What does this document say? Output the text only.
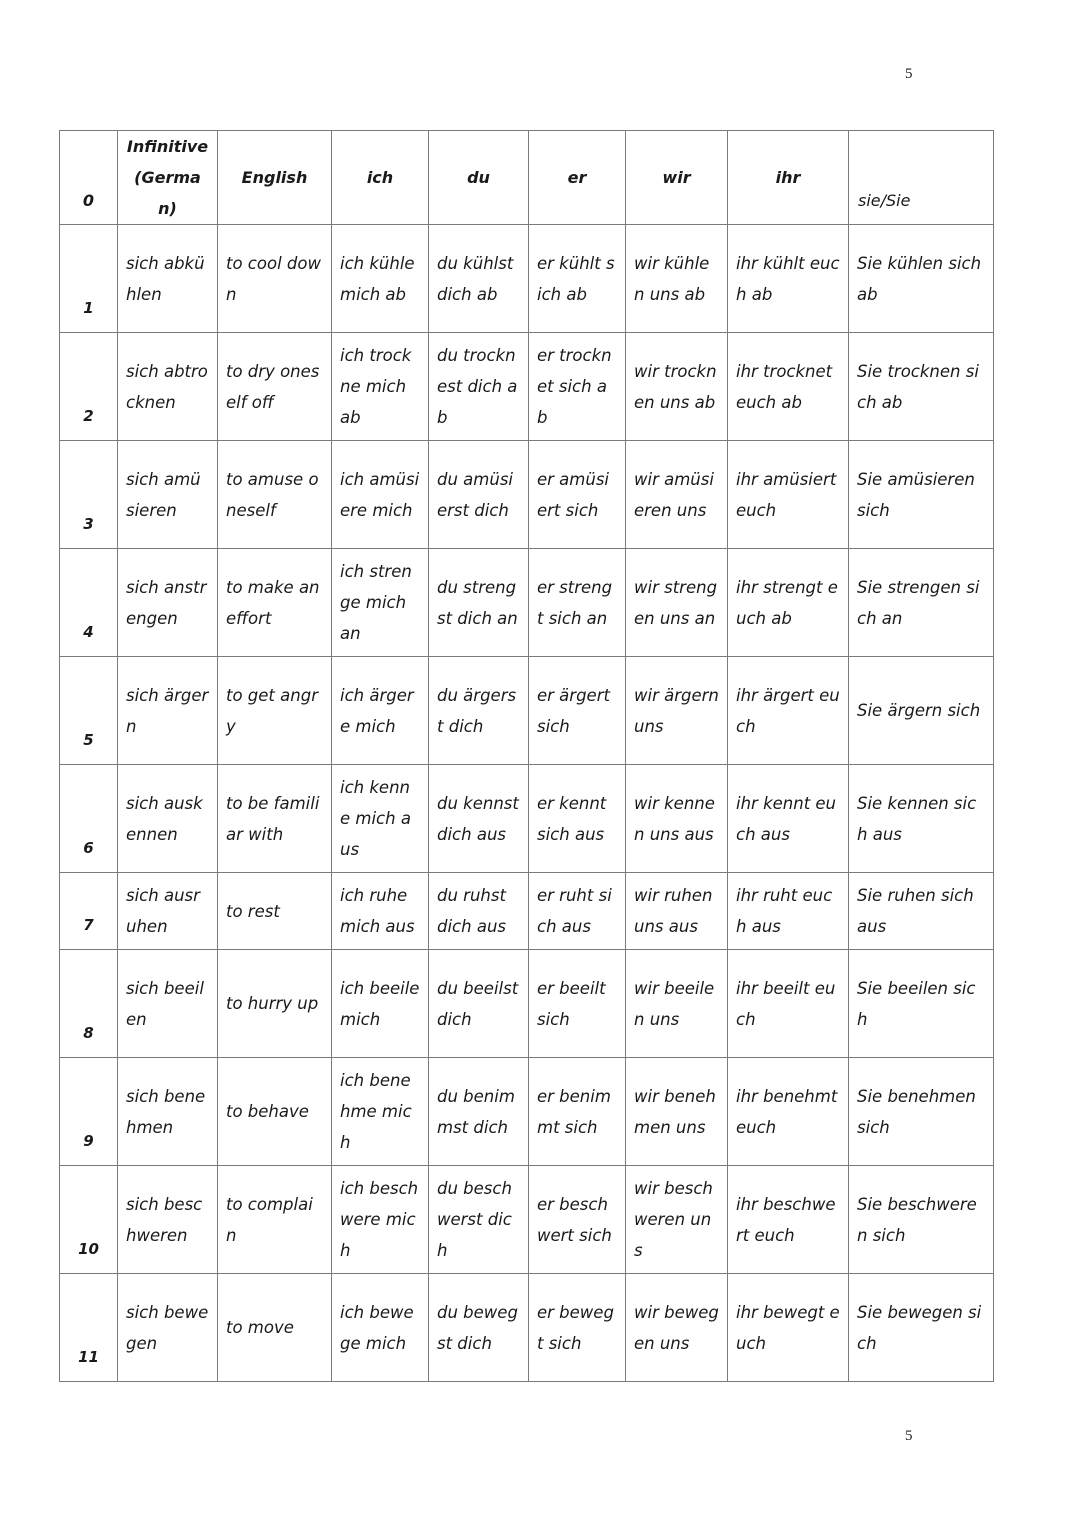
5
0	Infinitive (German)	English	ich	du	er	wir	ihr	sie/Sie
1	sich abkühlen	to cool down	ich kühle mich ab	du kühlst dich ab	er kühlt sich ab	wir kühlen uns ab	ihr kühlt euch ab	Sie kühlen sich ab
2	sich abtrocknen	to dry oneself off	ich trockne mich ab	du trocknest dich ab	er trocknet sich ab	wir trocknen uns ab	ihr trocknet euch ab	Sie trocknen sich ab
3	sich amüsieren	to amuse oneself	ich amüsiere mich	du amüsierst dich	er amüsiert sich	wir amüsieren uns	ihr amüsiert euch	Sie amüsieren sich
4	sich anstrengen	to make an effort	ich strenge mich an	du strengst dich an	er strengt sich an	wir strengen uns an	ihr strengt euch ab	Sie strengen sich an
5	sich ärgern	to get angry	ich ärgere mich	du ärgerst dich	er ärgert sich	wir ärgern uns	ihr ärgert euch	Sie ärgern sich
6	sich auskennen	to be familiar with	ich kenne mich aus	du kennst dich aus	er kennt sich aus	wir kennen uns aus	ihr kennt euch aus	Sie kennen sich aus
7	sich ausruhen	to rest	ich ruhe mich aus	du ruhst dich aus	er ruht sich aus	wir ruhen uns aus	ihr ruht euch aus	Sie ruhen sich aus
8	sich beeilen	to hurry up	ich beeile mich	du beeilst dich	er beeilt sich	wir beeilen uns	ihr beeilt euch	Sie beeilen sich
9	sich benehmen	to behave	ich benehme mich	du benimmst dich	er benimmt sich	wir benehmen uns	ihr benehmt euch	Sie benehmen sich
10	sich beschweren	to complain	ich beschwere mich	du beschwerst dich	er beschwert sich	wir beschweren uns	ihr beschwert euch	Sie beschweren sich
11	sich bewegen	to move	ich bewege mich	du bewegst dich	er bewegt sich	wir bewegen uns	ihr bewegt euch	Sie bewegen sich
5
